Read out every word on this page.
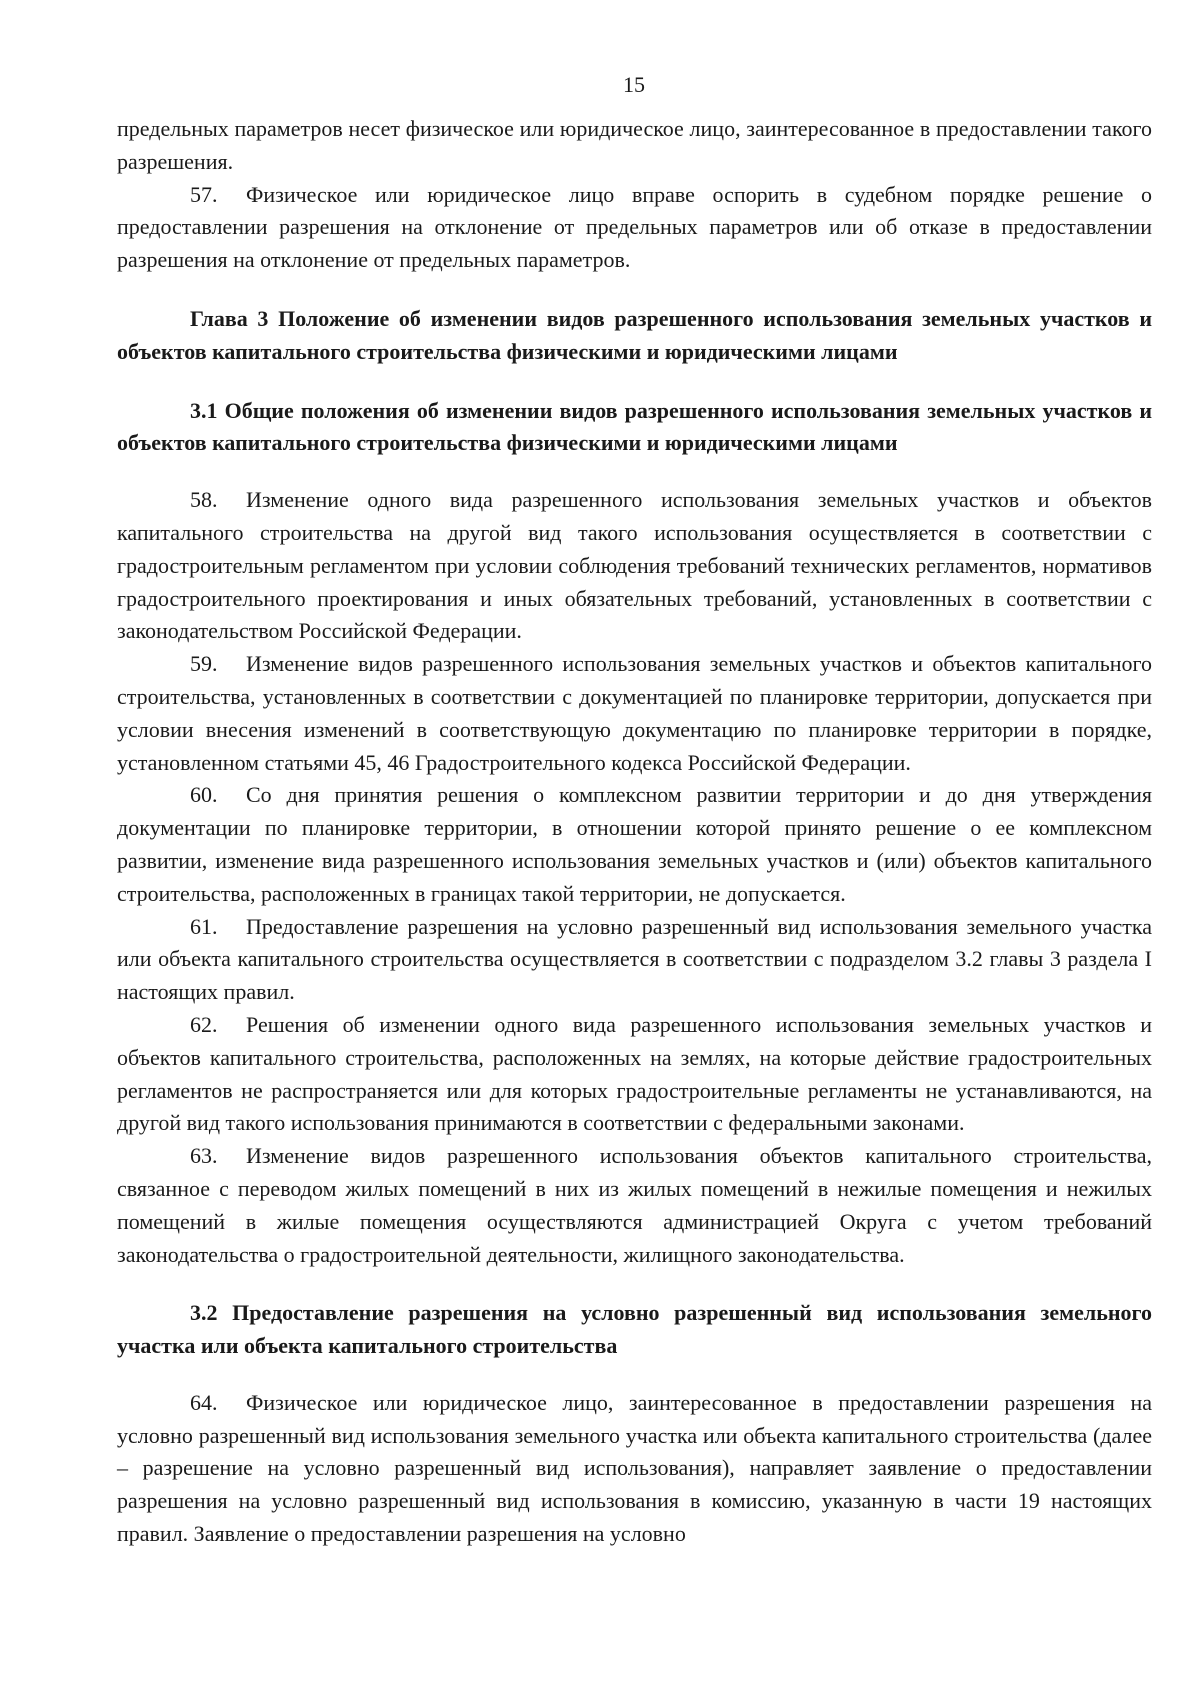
15

предельных параметров несет физическое или юридическое лицо, заинтересованное в предоставлении такого разрешения.

57. Физическое или юридическое лицо вправе оспорить в судебном порядке решение о предоставлении разрешения на отклонение от предельных параметров или об отказе в предоставлении разрешения на отклонение от предельных параметров.

Глава 3 Положение об изменении видов разрешенного использования земельных участков и объектов капитального строительства физическими и юридическими лицами

3.1 Общие положения об изменении видов разрешенного использования земельных участков и объектов капитального строительства физическими и юридическими лицами

58. Изменение одного вида разрешенного использования земельных участков и объектов капитального строительства на другой вид такого использования осуществляется в соответствии с градостроительным регламентом при условии соблюдения требований технических регламентов, нормативов градостроительного проектирования и иных обязательных требований, установленных в соответствии с законодательством Российской Федерации.

59. Изменение видов разрешенного использования земельных участков и объектов капитального строительства, установленных в соответствии с документацией по планировке территории, допускается при условии внесения изменений в соответствующую документацию по планировке территории в порядке, установленном статьями 45, 46 Градостроительного кодекса Российской Федерации.

60. Со дня принятия решения о комплексном развитии территории и до дня утверждения документации по планировке территории, в отношении которой принято решение о ее комплексном развитии, изменение вида разрешенного использования земельных участков и (или) объектов капитального строительства, расположенных в границах такой территории, не допускается.

61. Предоставление разрешения на условно разрешенный вид использования земельного участка или объекта капитального строительства осуществляется в соответствии с подразделом 3.2 главы 3 раздела I настоящих правил.

62. Решения об изменении одного вида разрешенного использования земельных участков и объектов капитального строительства, расположенных на землях, на которые действие градостроительных регламентов не распространяется или для которых градостроительные регламенты не устанавливаются, на другой вид такого использования принимаются в соответствии с федеральными законами.

63. Изменение видов разрешенного использования объектов капитального строительства, связанное с переводом жилых помещений в них из жилых помещений в нежилые помещения и нежилых помещений в жилые помещения осуществляются администрацией Округа с учетом требований законодательства о градостроительной деятельности, жилищного законодательства.

3.2 Предоставление разрешения на условно разрешенный вид использования земельного участка или объекта капитального строительства

64. Физическое или юридическое лицо, заинтересованное в предоставлении разрешения на условно разрешенный вид использования земельного участка или объекта капитального строительства (далее – разрешение на условно разрешенный вид использования), направляет заявление о предоставлении разрешения на условно разрешенный вид использования в комиссию, указанную в части 19 настоящих правил. Заявление о предоставлении разрешения на условно
